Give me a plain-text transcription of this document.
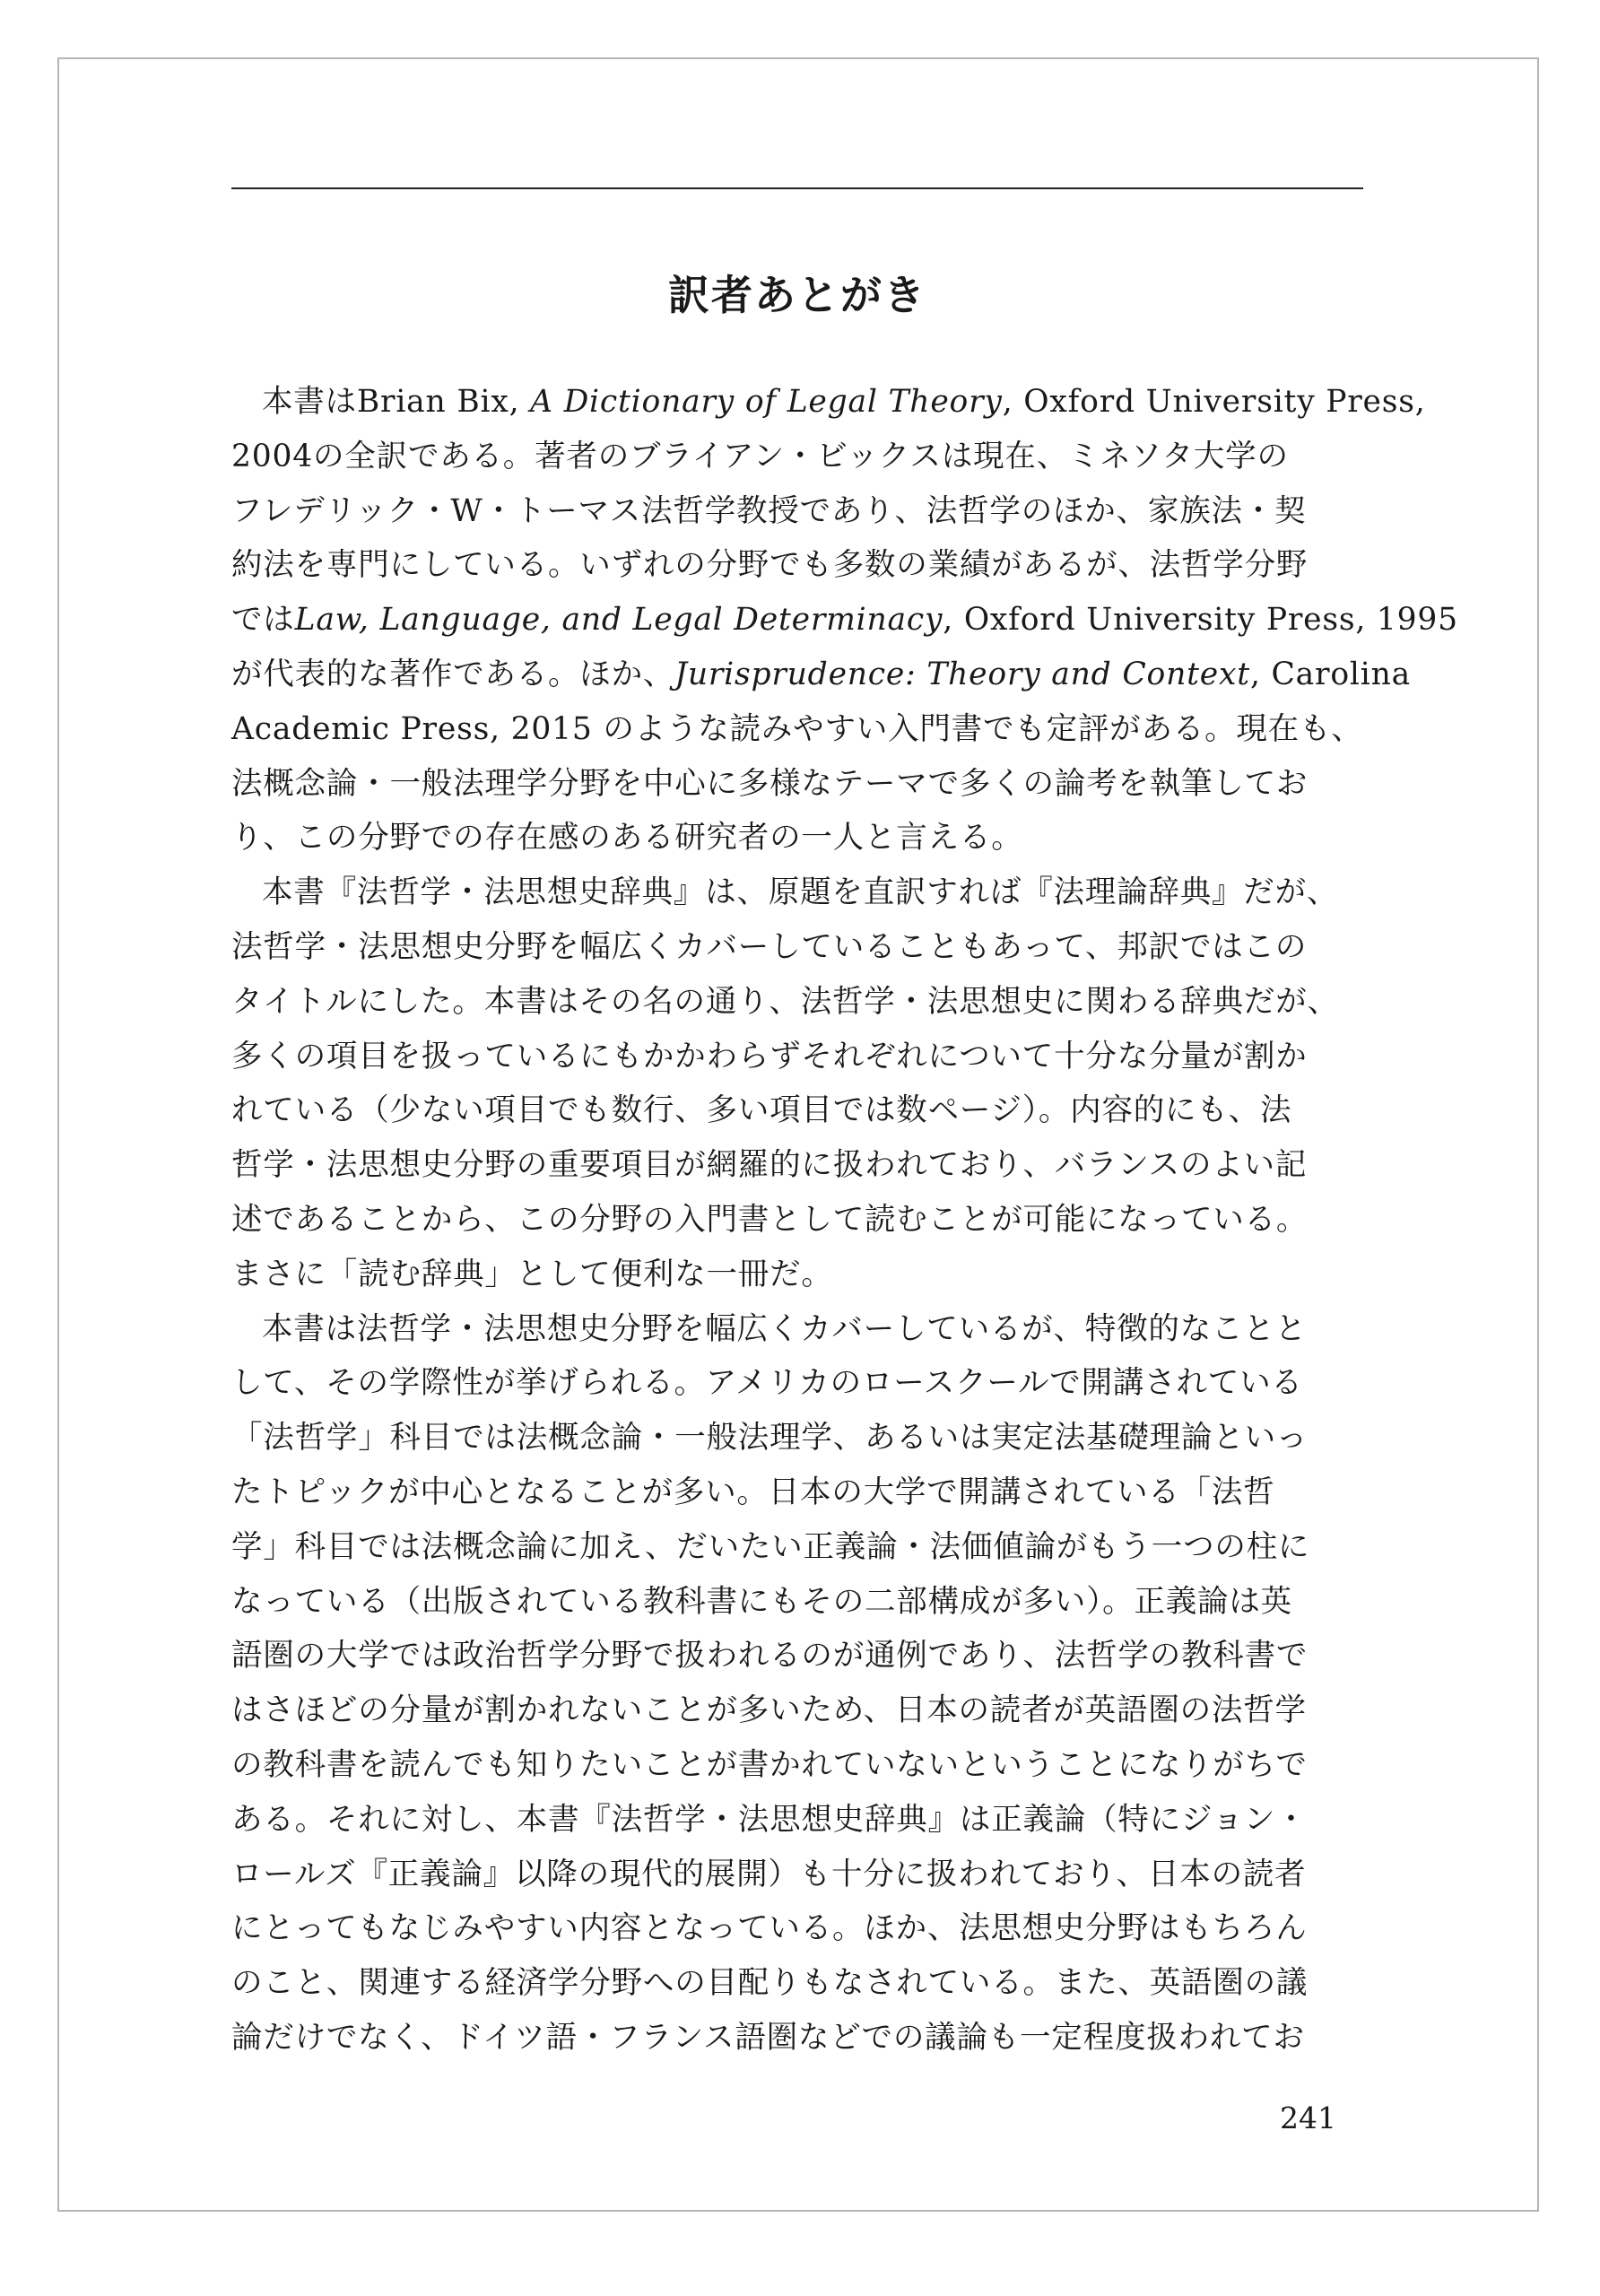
訳者あとがき

本書はBrian Bix, A Dictionary of Legal Theory, Oxford University Press,
2004の全訳である。著者のブライアン・ビックスは現在、ミネソタ大学の
フレデリック・W・トーマス法哲学教授であり、法哲学のほか、家族法・契
約法を専門にしている。いずれの分野でも多数の業績があるが、法哲学分野
ではLaw, Language, and Legal Determinacy, Oxford University Press, 1995
が代表的な著作である。ほか、Jurisprudence: Theory and Context, Carolina
Academic Press, 2015 のような読みやすい入門書でも定評がある。現在も、
法概念論・一般法理学分野を中心に多様なテーマで多くの論考を執筆してお
り、この分野での存在感のある研究者の一人と言える。

本書『法哲学・法思想史辞典』は、原題を直訳すれば『法理論辞典』だが、
法哲学・法思想史分野を幅広くカバーしていることもあって、邦訳ではこの
タイトルにした。本書はその名の通り、法哲学・法思想史に関わる辞典だが、
多くの項目を扱っているにもかかわらずそれぞれについて十分な分量が割か
れている（少ない項目でも数行、多い項目では数ページ）。内容的にも、法
哲学・法思想史分野の重要項目が網羅的に扱われており、バランスのよい記
述であることから、この分野の入門書として読むことが可能になっている。
まさに「読む辞典」として便利な一冊だ。

本書は法哲学・法思想史分野を幅広くカバーしているが、特徴的なことと
して、その学際性が挙げられる。アメリカのロースクールで開講されている
「法哲学」科目では法概念論・一般法理学、あるいは実定法基礎理論といっ
たトピックが中心となることが多い。日本の大学で開講されている「法哲
学」科目では法概念論に加え、だいたい正義論・法価値論がもう一つの柱に
なっている（出版されている教科書にもその二部構成が多い）。正義論は英
語圏の大学では政治哲学分野で扱われるのが通例であり、法哲学の教科書で
はさほどの分量が割かれないことが多いため、日本の読者が英語圏の法哲学
の教科書を読んでも知りたいことが書かれていないということになりがちで
ある。それに対し、本書『法哲学・法思想史辞典』は正義論（特にジョン・
ロールズ『正義論』以降の現代的展開）も十分に扱われており、日本の読者
にとってもなじみやすい内容となっている。ほか、法思想史分野はもちろん
のこと、関連する経済学分野への目配りもなされている。また、英語圏の議
論だけでなく、ドイツ語・フランス語圏などでの議論も一定程度扱われてお

241
